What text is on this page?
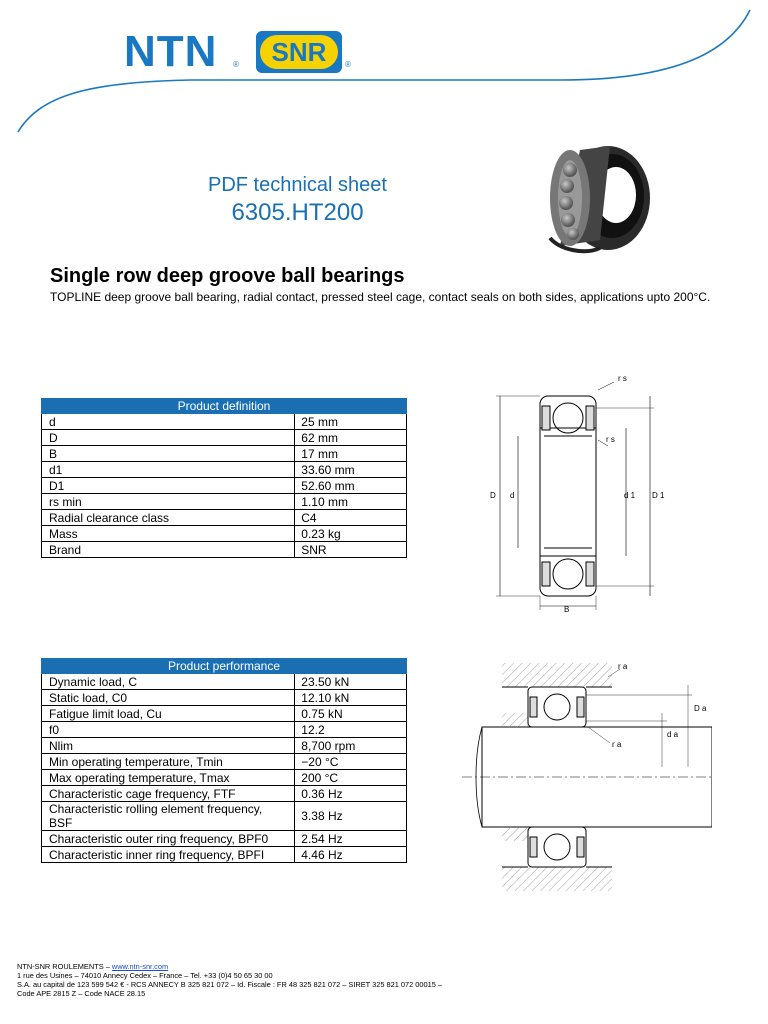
NTN ®	SNR	®
PDF technical sheet
6305.HT200
Single row deep groove ball bearings
TOPLINE deep groove ball bearing, radial contact, pressed steel cage, contact seals on both sides, applications upto 200°C.
Product definition	
d	25 mm
D	62 mm
B	17 mm
d1	33.60 mm
D1	52.60 mm
rs min	1.10 mm
Radial clearance class	C4
Mass	0.23 kg
Brand	SNR
Product performance	
Dynamic load, C	23.50 kN
Static load, C0	12.10 kN
Fatigue limit load, Cu	0.75 kN
f0	12.2
Nlim	8,700 rpm
Min operating temperature, Tmin	−20 °C
Max operating temperature, Tmax	200 °C
Characteristic cage frequency, FTF	0.36 Hz
Characteristic rolling element frequency, BSF	3.38 Hz
Characteristic outer ring frequency, BPF0	2.54 Hz
Characteristic inner ring frequency, BPFI	4.46 Hz
r s
r s
D d	d 1 D 1
B
r a
D a
d a
r a
NTN-SNR ROULEMENTS – www.ntn-snr.com
1 rue des Usines – 74010 Annecy Cedex – France – Tel. +33 (0)4 50 65 30 00
S.A. au capital de 123 599 542 € - RCS ANNECY B 325 821 072 – Id. Fiscale : FR 48 325 821 072 – SIRET 325 821 072 00015 –
Code APE 2815 Z – Code NACE 28.15
